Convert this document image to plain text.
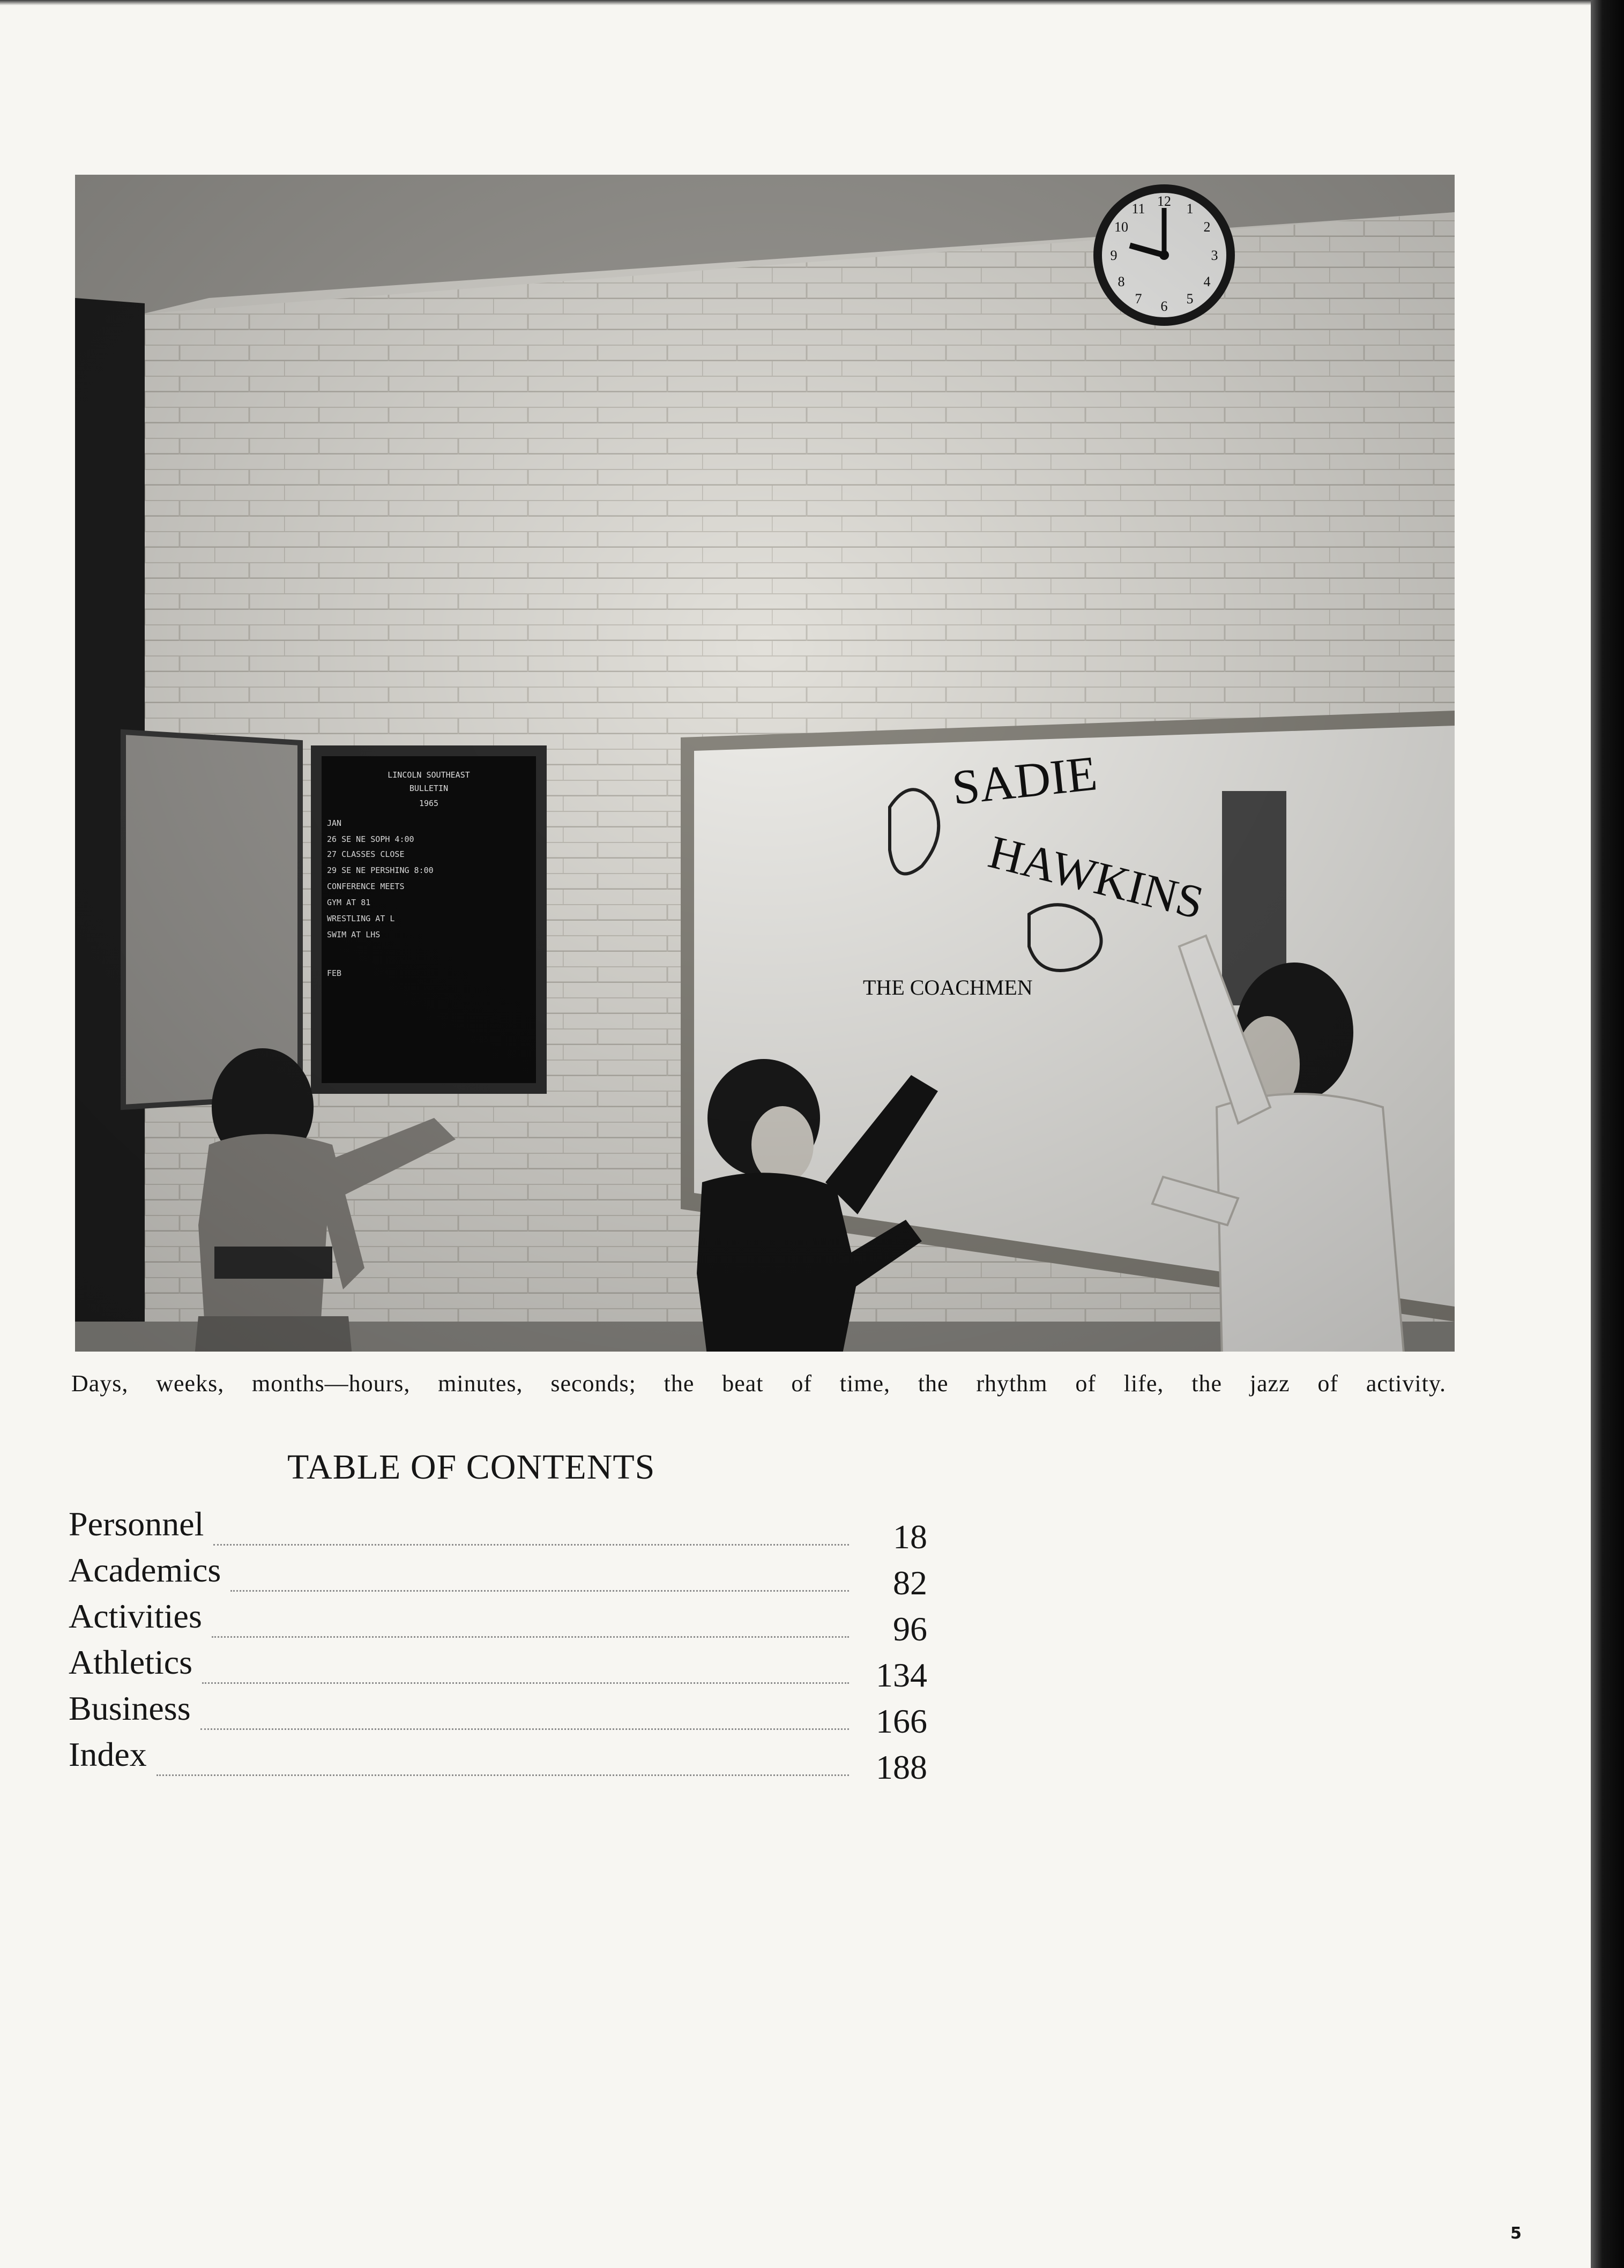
Days, weeks, months—hours, minutes, seconds; the beat of time, the rhythm of life, the jazz of activity.
TABLE OF CONTENTS
Personnel	18
Academics	82
Activities	96
Athletics	134
Business	166
Index	188
5
